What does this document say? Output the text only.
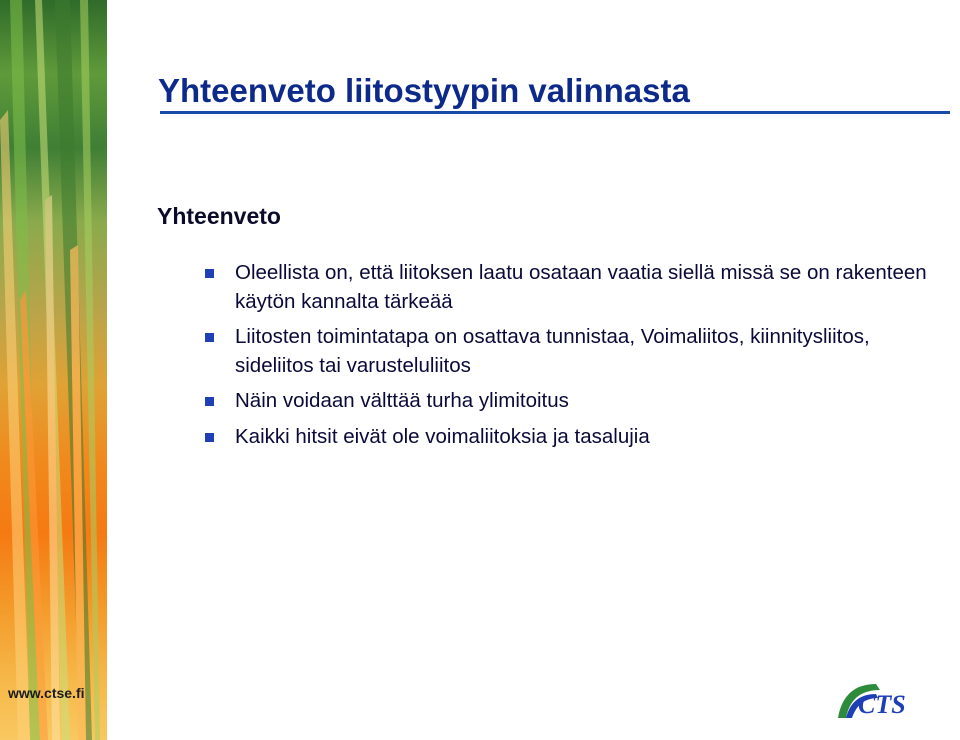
www.ctse.fi
Yhteenveto liitostyypin valinnasta
Yhteenveto
Oleellista on, että liitoksen laatu osataan vaatia siellä missä se on rakenteen käytön kannalta tärkeää
Liitosten toimintatapa on osattava tunnistaa, Voimaliitos, kiinnitysliitos, sideliitos tai varusteluliitos
Näin voidaan välttää turha ylimitoitus
Kaikki hitsit eivät ole voimaliitoksia ja tasalujia
CTS
